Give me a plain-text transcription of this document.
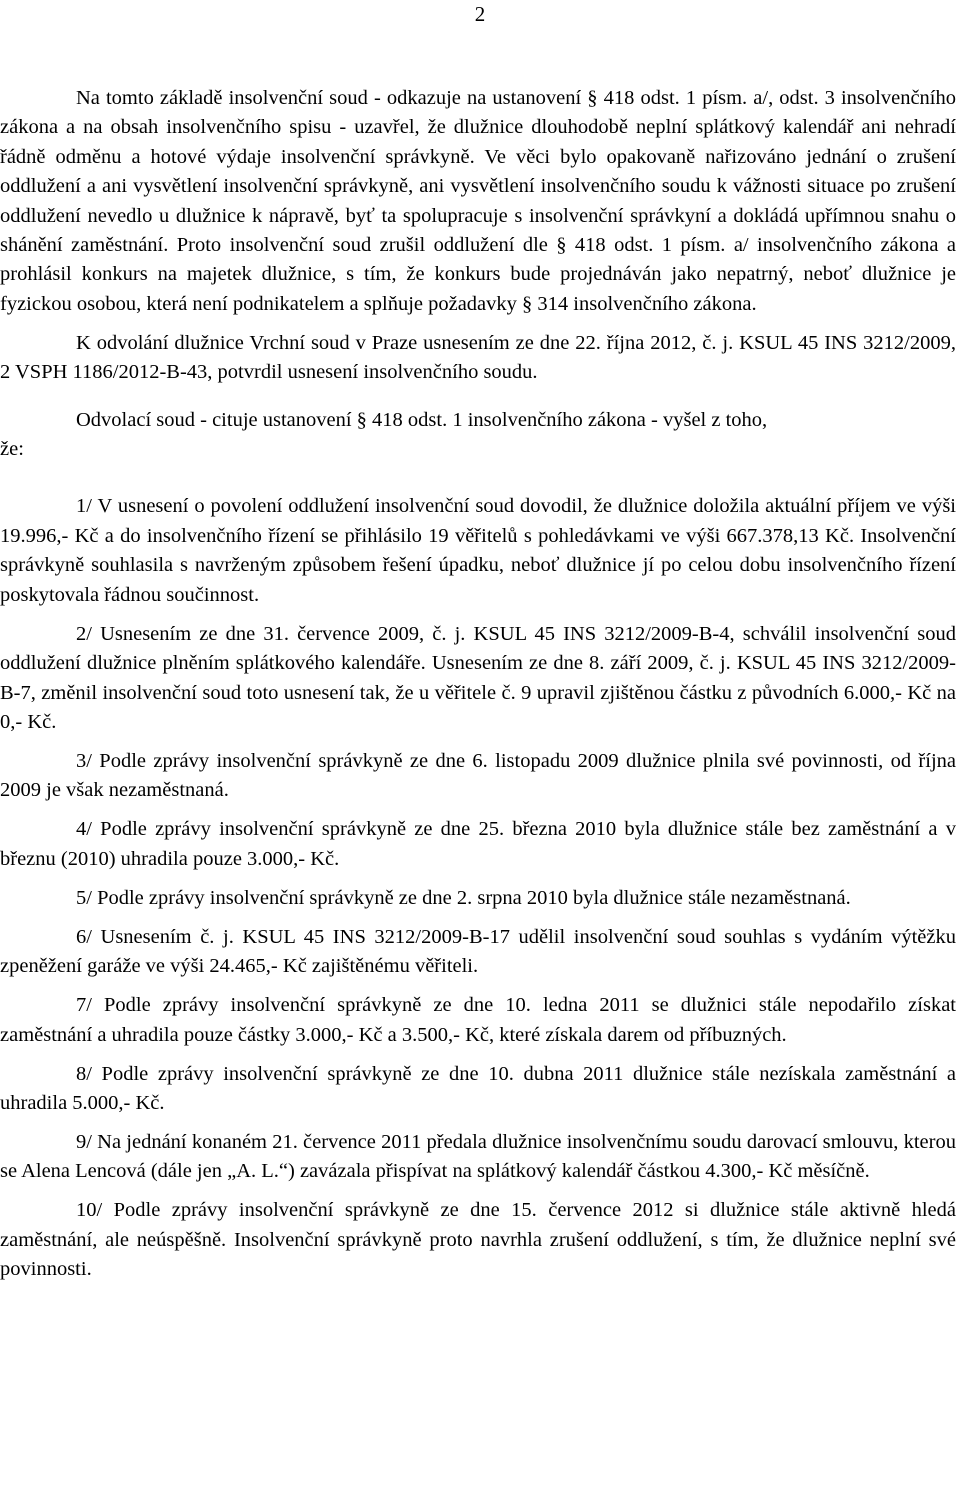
2

Na tomto základě insolvenční soud - odkazuje na ustanovení § 418 odst. 1 písm. a/, odst. 3 insolvenčního zákona a na obsah insolvenčního spisu - uzavřel, že dlužnice dlouhodobě neplní splátkový kalendář ani nehradí řádně odměnu a hotové výdaje insolvenční správkyně. Ve věci bylo opakovaně nařizováno jednání o zrušení oddlužení a ani vysvětlení insolvenční správkyně, ani vysvětlení insolvenčního soudu k vážnosti situace po zrušení oddlužení nevedlo u dlužnice k nápravě, byť ta spolupracuje s insolvenční správkyní a dokládá upřímnou snahu o shánění zaměstnání. Proto insolvenční soud zrušil oddlužení dle § 418 odst. 1 písm. a/ insolvenčního zákona a prohlásil konkurs na majetek dlužnice, s tím, že konkurs bude projednáván jako nepatrný, neboť dlužnice je fyzickou osobou, která není podnikatelem a splňuje požadavky § 314 insolvenčního zákona.

K odvolání dlužnice Vrchní soud v Praze usnesením ze dne 22. října 2012, č. j. KSUL 45 INS 3212/2009, 2 VSPH 1186/2012-B-43, potvrdil usnesení insolvenčního soudu.

Odvolací soud - cituje ustanovení § 418 odst. 1 insolvenčního zákona - vyšel z toho,

že:

1/ V usnesení o povolení oddlužení insolvenční soud dovodil, že dlužnice doložila aktuální příjem ve výši 19.996,- Kč a do insolvenčního řízení se přihlásilo 19 věřitelů s pohledávkami ve výši 667.378,13 Kč. Insolvenční správkyně souhlasila s navrženým způsobem řešení úpadku, neboť dlužnice jí po celou dobu insolvenčního řízení poskytovala řádnou součinnost.

2/ Usnesením ze dne 31. července 2009, č. j. KSUL 45 INS 3212/2009-B-4, schválil insolvenční soud oddlužení dlužnice plněním splátkového kalendáře. Usnesením ze dne 8. září 2009, č. j. KSUL 45 INS 3212/2009-B-7, změnil insolvenční soud toto usnesení tak, že u věřitele č. 9 upravil zjištěnou částku z původních 6.000,- Kč na 0,- Kč.

3/ Podle zprávy insolvenční správkyně ze dne 6. listopadu 2009 dlužnice plnila své povinnosti, od října 2009 je však nezaměstnaná.

4/ Podle zprávy insolvenční správkyně ze dne 25. března 2010 byla dlužnice stále bez zaměstnání a v březnu (2010) uhradila pouze 3.000,- Kč.

5/ Podle zprávy insolvenční správkyně ze dne 2. srpna 2010 byla dlužnice stále nezaměstnaná.

6/ Usnesením č. j. KSUL 45 INS 3212/2009-B-17 udělil insolvenční soud souhlas s vydáním výtěžku zpeněžení garáže ve výši 24.465,- Kč zajištěnému věřiteli.

7/ Podle zprávy insolvenční správkyně ze dne 10. ledna 2011 se dlužnici stále nepodařilo získat zaměstnání a uhradila pouze částky 3.000,- Kč a 3.500,- Kč, které získala darem od příbuzných.

8/ Podle zprávy insolvenční správkyně ze dne 10. dubna 2011 dlužnice stále nezískala zaměstnání a uhradila 5.000,- Kč.

9/ Na jednání konaném 21. července 2011 předala dlužnice insolvenčnímu soudu darovací smlouvu, kterou se Alena Lencová (dále jen „A. L.“) zavázala přispívat na splátkový kalendář částkou 4.300,- Kč měsíčně.

10/ Podle zprávy insolvenční správkyně ze dne 15. července 2012 si dlužnice stále aktivně hledá zaměstnání, ale neúspěšně. Insolvenční správkyně proto navrhla zrušení oddlužení, s tím, že dlužnice neplní své povinnosti.
